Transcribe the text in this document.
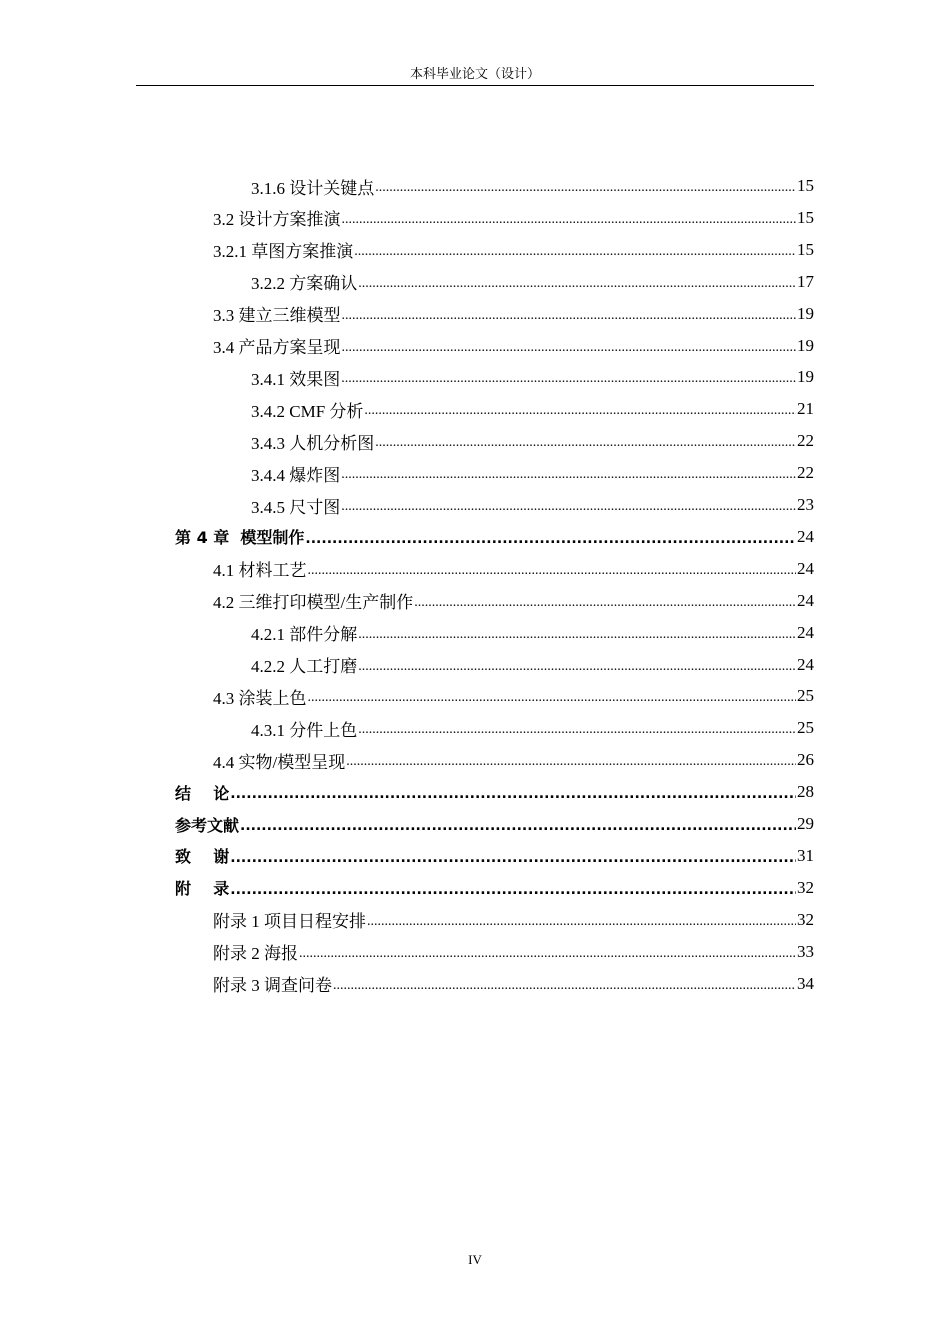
本科毕业论文（设计）
3.1.6 设计关键点 .....	15
3.2 设计方案推演 .....	15
3.2.1 草图方案推演 .....	15
3.2.2 方案确认 .....	17
3.3 建立三维模型 .....	19
3.4 产品方案呈现 .....	19
3.4.1 效果图 .....	19
3.4.2 CMF 分析 .....	21
3.4.3 人机分析图 .....	22
3.4.4 爆炸图 .....	22
3.4.5 尺寸图 .....	23
第 4 章  模型制作 .....	24
4.1 材料工艺 .....	24
4.2 三维打印模型/生产制作 .....	24
4.2.1 部件分解 .....	24
4.2.2 人工打磨 .....	24
4.3 涂装上色 .....	25
4.3.1 分件上色 .....	25
4.4 实物/模型呈现 .....	26
结    论 .....	28
参考文献 .....	29
致    谢 .....	31
附    录 .....	32
附录 1 项目日程安排 .....	32
附录 2 海报 .....	33
附录 3 调查问卷 .....	34
IV
